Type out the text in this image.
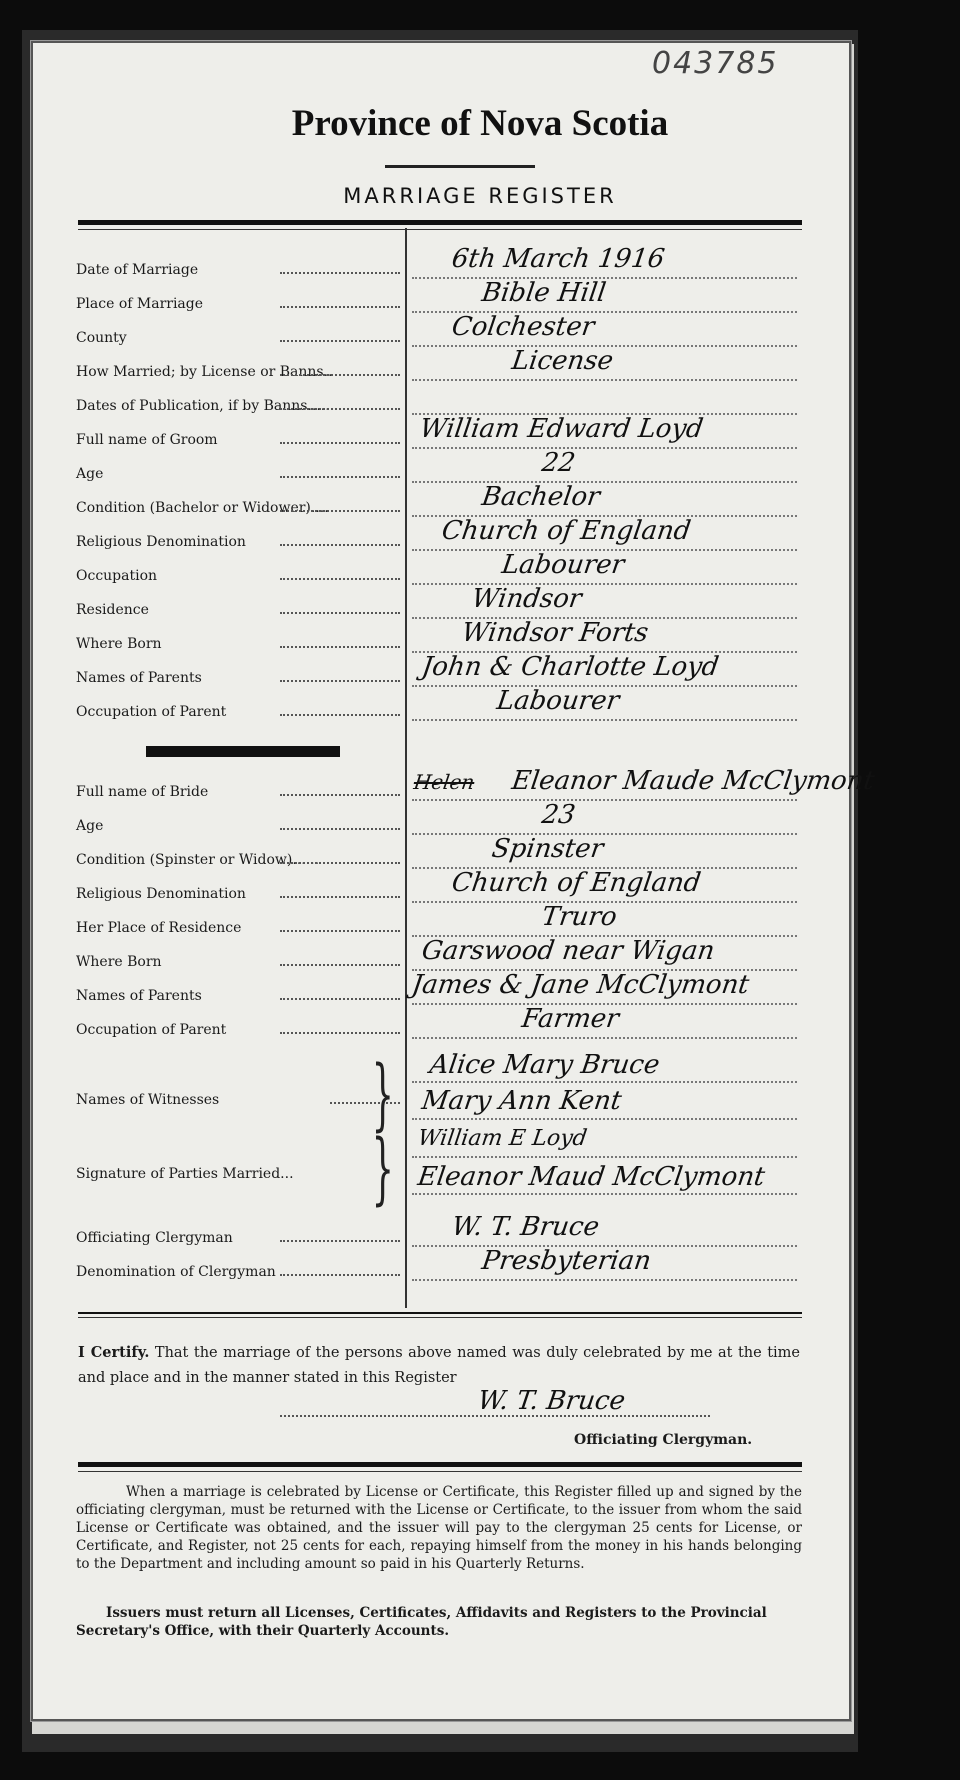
043785
Province of Nova Scotia
MARRIAGE REGISTER
Date of Marriage	6th March 1916
Place of Marriage	Bible Hill
County	Colchester
How Married; by License or Banns..	License
Dates of Publication, if by Banns.....
Full name of Groom	William Edward Loyd
Age	22
Condition (Bachelor or Widower)....	Bachelor
Religious Denomination	Church of England
Occupation	Labourer
Residence	Windsor
Where Born	Windsor Forts
Names of Parents	John & Charlotte Loyd
Occupation of Parent	Labourer
Full name of Bride	Eleanor Maude McClymont
Age	23
Condition (Spinster or Widow)......	Spinster
Religious Denomination	Church of England
Her Place of Residence	Truro
Where Born	Garswood near Wigan
Names of Parents	James & Jane McClymont
Occupation of Parent	Farmer
Helen
Names of Witnesses } Alice Mary Bruce
Mary Ann Kent
Signature of Parties Married... } William E Loyd
Eleanor Maud McClymont
Officiating Clergyman	W. T. Bruce
Denomination of Clergyman	Presbyterian
I Certify. That the marriage of the persons above named was duly celebrated by me at the time and place and in the manner stated in this Register
W. T. Bruce
Officiating Clergyman.
When a marriage is celebrated by License or Certificate, this Register filled up and signed by the officiating clergyman, must be returned with the License or Certificate, to the issuer from whom the said License or Certificate was obtained, and the issuer will pay to the clergyman 25 cents for License, or Certificate, and Register, not 25 cents for each, repaying himself from the money in his hands belonging to the Department and including amount so paid in his Quarterly Returns.
Issuers must return all Licenses, Certificates, Affidavits and Registers to the Provincial Secretary's Office, with their Quarterly Accounts.
